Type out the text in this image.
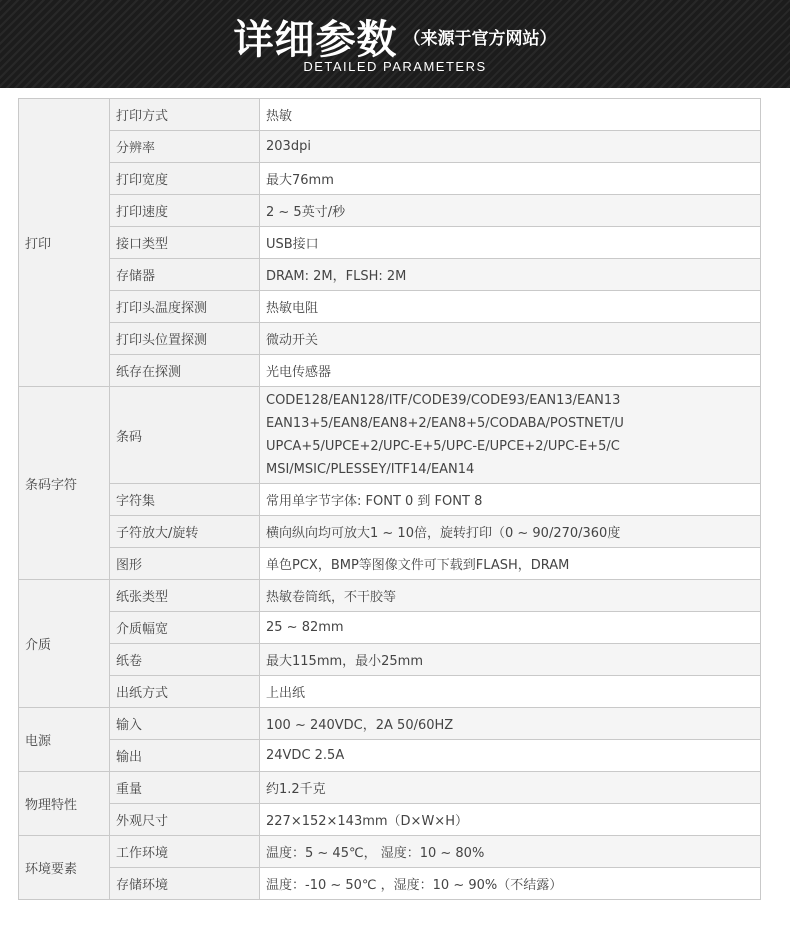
详细参数 （来源于官方网站）
DETAILED PARAMETERS
打印	打印方式	热敏
	分辨率	203dpi
	打印宽度	最大76mm
	打印速度	2 ~ 5英寸/秒
	接口类型	USB接口
	存储器	DRAM: 2M，FLSH: 2M
	打印头温度探测	热敏电阻
	打印头位置探测	微动开关
	纸存在探测	光电传感器
条码字符	条码	CODE128/EAN128/ITF/CODE39/CODE93/EAN13/EAN13
EAN13+5/EAN8/EAN8+2/EAN8+5/CODABA/POSTNET/U
UPCA+5/UPCE+2/UPC-E+5/UPC-E/UPCE+2/UPC-E+5/C
MSI/MSIC/PLESSEY/ITF14/EAN14

	字符集	常用单字节字体: FONT 0 到 FONT 8
	子符放大/旋转	横向纵向均可放大1 ~ 10倍，旋转打印（0 ~ 90/270/360度
	图形	单色PCX，BMP等图像文件可下载到FLASH，DRAM
介质	纸张类型	热敏卷筒纸，不干胶等
	介质幅宽	25 ~ 82mm
	纸卷	最大115mm，最小25mm
	出纸方式	上出纸
电源	输入	100 ~ 240VDC，2A 50/60HZ
	输出	24VDC 2.5A
物理特性	重量	约1.2千克
	外观尺寸	227×152×143mm（D×W×H）
环境要素	工作环境	温度：5 ~ 45℃， 湿度：10 ~ 80%
	存储环境	温度：-10 ~ 50℃ ，湿度：10 ~ 90%（不结露）
